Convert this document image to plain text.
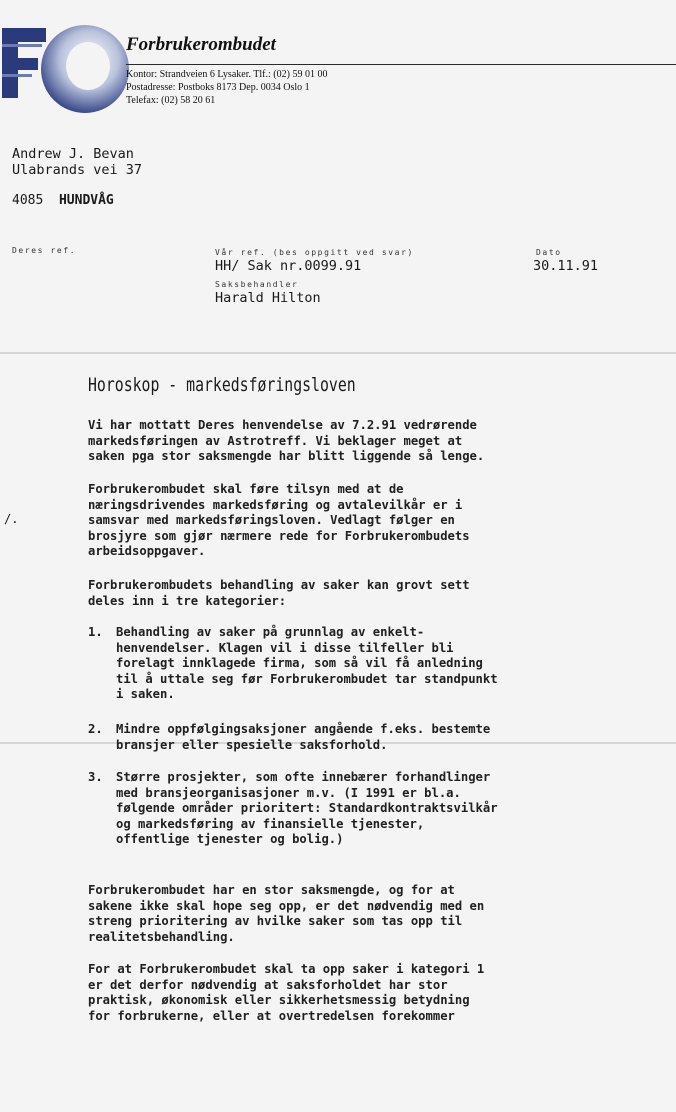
Forbrukerombudet
Kontor: Strandveien 6 Lysaker. Tlf.: (02) 59 01 00
Postadresse: Postboks 8173 Dep. 0034 Oslo 1
Telefax: (02) 58 20 61
Andrew J. Bevan
Ulabrands vei 37
4085 HUNDVÅG
Deres ref.	Vår ref. (bes oppgitt ved svar)
HH/ Sak nr.0099.91
Saksbehandler
Harald Hilton
Dato
30.11.91
Horoskop - markedsføringsloven
Vi har mottatt Deres henvendelse av 7.2.91 vedrørende
markedsføringen av Astrotreff. Vi beklager meget at
saken pga stor saksmengde har blitt liggende så lenge.
Forbrukerombudet skal føre tilsyn med at de
næringsdrivendes markedsføring og avtalevilkår er i
samsvar med markedsføringsloven. Vedlagt følger en
brosjyre som gjør nærmere rede for Forbrukerombudets
arbeidsoppgaver.
Forbrukerombudets behandling av saker kan grovt sett
deles inn i tre kategorier:
1. Behandling av saker på grunnlag av enkelt-
henvendelser. Klagen vil i disse tilfeller bli
forelagt innklagede firma, som så vil få anledning
til å uttale seg før Forbrukerombudet tar standpunkt
i saken.
2. Mindre oppfølgingsaksjoner angående f.eks. bestemte
bransjer eller spesielle saksforhold.
3. Større prosjekter, som ofte innebærer forhandlinger
med bransjeorganisasjoner m.v. (I 1991 er bl.a.
følgende områder prioritert: Standardkontraktsvilkår
og markedsføring av finansielle tjenester,
offentlige tjenester og bolig.)
Forbrukerombudet har en stor saksmengde, og for at
sakene ikke skal hope seg opp, er det nødvendig med en
streng prioritering av hvilke saker som tas opp til
realitetsbehandling.
For at Forbrukerombudet skal ta opp saker i kategori 1
er det derfor nødvendig at saksforholdet har stor
praktisk, økonomisk eller sikkerhetsmessig betydning
for forbrukerne, eller at overtredelsen forekommer
/.
